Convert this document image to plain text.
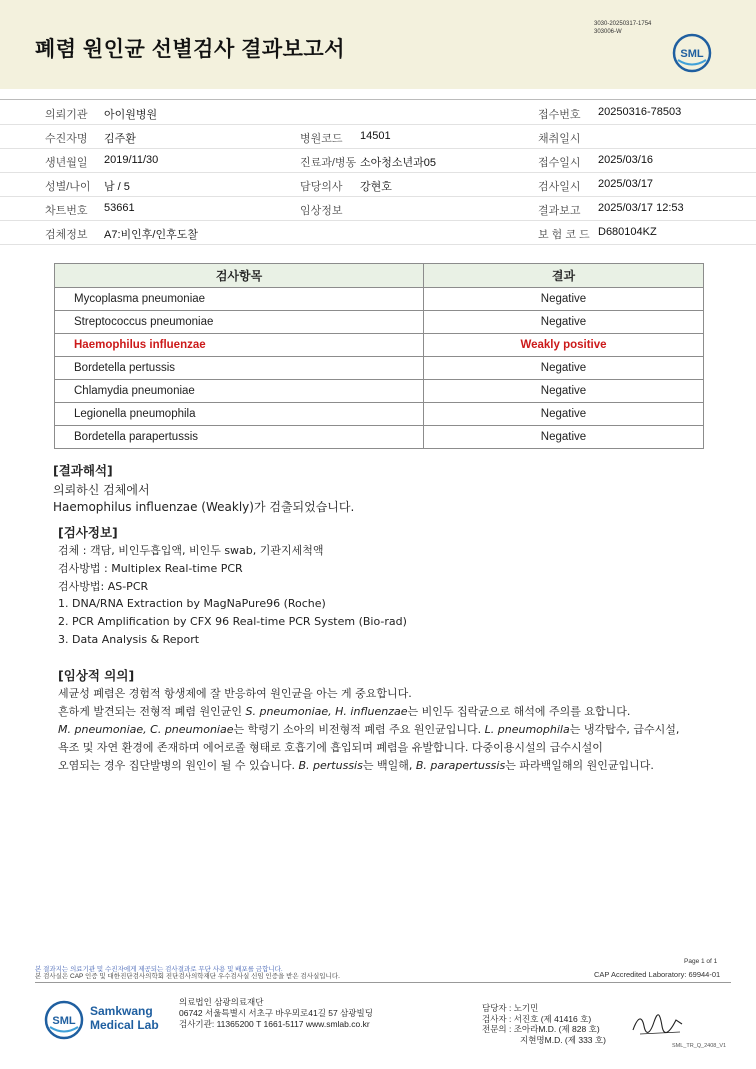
폐렴 원인균 선별검사 결과보고서
3030-20250317-1754
303006-W
SML
의뢰기관 아이원병원	접수번호 20250316-78503
수진자명 김주환	병원코드 14501	채취일시
생년월일 2019/11/30	진료과/병동 소아청소년과05	접수일시 2025/03/16
성별/나이 남 / 5	담당의사 강현호	검사일시 2025/03/17
차트번호 53661	임상정보	결과보고 2025/03/17 12:53
검체정보 A7:비인후/인후도찰	보 험 코 드 D680104KZ
검사항목	결과
Mycoplasma pneumoniae	Negative
Streptococcus pneumoniae	Negative
Haemophilus influenzae	Weakly positive
Bordetella pertussis	Negative
Chlamydia pneumoniae	Negative
Legionella pneumophila	Negative
Bordetella parapertussis	Negative
[결과해석]
의뢰하신 검체에서
Haemophilus influenzae (Weakly)가 검출되었습니다.
[검사정보]
검체 : 객담, 비인두흡입액, 비인두 swab, 기관지세척액
검사방법 : Multiplex Real-time PCR
검사방법: AS-PCR
1. DNA/RNA Extraction by MagNaPure96 (Roche)
2. PCR Amplification by CFX 96 Real-time PCR System (Bio-rad)
3. Data Analysis & Report
[임상적 의의]
세균성 폐렴은 경험적 항생제에 잘 반응하여 원인균을 아는 게 중요합니다.
흔하게 발견되는 전형적 폐렴 원인균인 S. pneumoniae, H. influenzae는 비인두 집락균으로 해석에 주의를 요합니다.
M. pneumoniae, C. pneumoniae는 학령기 소아의 비전형적 폐렴 주요 원인균입니다. L. pneumophila는 냉각탑수, 급수시설,
욕조 및 자연 환경에 존재하며 에어로졸 형태로 호흡기에 흡입되며 폐렴을 유발합니다. 다중이용시설의 급수시설이
오염되는 경우 집단발병의 원인이 될 수 있습니다. B. pertussis는 백일해, B. parapertussis는 파라백일해의 원인균입니다.
본 결과지는 의료기관 및 수진자에게 제공되는 검사결과로 무단 사용 및 배포를 금합니다.
본 검사실은 CAP 인증 및 대한진단검사의학회 진단검사의학재단 우수검사실 신임 인증을 받은 검사실입니다.
Page 1 of 1
CAP Accredited Laboratory: 69944-01
SML
Samkwang
Medical Lab
의료법인 삼광의료재단
06742 서울특별시 서초구 바우뫼로41길 57 삼광빌딩
검사기관: 11365200 T 1661-5117 www.smlab.co.kr
담당자 : 노기민
검사자 : 서진호 (제 41416 호)
전문의 : 조아라M.D. (제 828 호)
지현명M.D. (제 333 호)
SML_TR_Q_2408_V1
